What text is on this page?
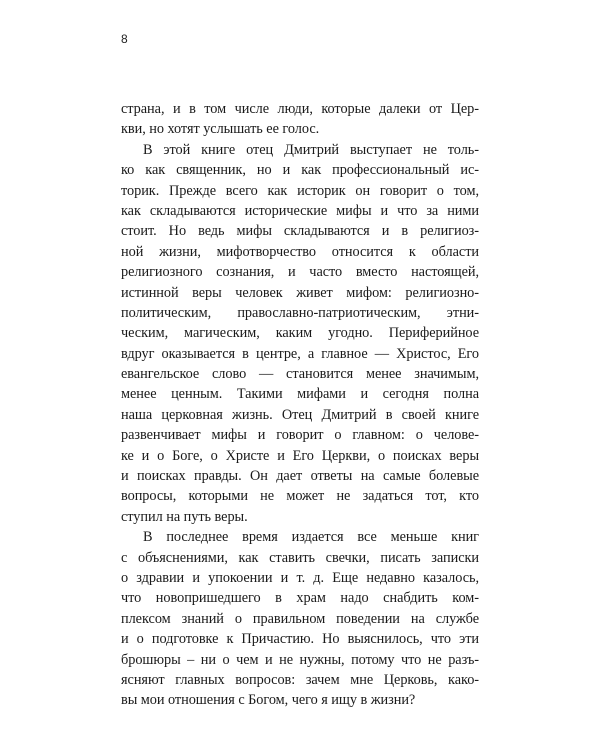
8
страна, и в том числе люди, которые далеки от Цер-
кви, но хотят услышать ее голос.
В этой книге отец Дмитрий выступает не толь-
ко как священник, но и как профессиональный ис-
торик. Прежде всего как историк он говорит о том,
как складываются исторические мифы и что за ними
стоит. Но ведь мифы складываются и в религиоз-
ной жизни, мифотворчество относится к области
религиозного сознания, и часто вместо настоящей,
истинной веры человек живет мифом: религиозно-
политическим, православно-патриотическим, этни-
ческим, магическим, каким угодно. Периферийное
вдруг оказывается в центре, а главное — Христос, Его
евангельское слово — становится менее значимым,
менее ценным. Такими мифами и сегодня полна
наша церковная жизнь. Отец Дмитрий в своей книге
развенчивает мифы и говорит о главном: о челове-
ке и о Боге, о Христе и Его Церкви, о поисках веры
и поисках правды. Он дает ответы на самые болевые
вопросы, которыми не может не задаться тот, кто
ступил на путь веры.
В последнее время издается все меньше книг
с объяснениями, как ставить свечки, писать записки
о здравии и упокоении и т. д. Еще недавно казалось,
что новопришедшего в храм надо снабдить ком-
плексом знаний о правильном поведении на службе
и о подготовке к Причастию. Но выяснилось, что эти
брошюры – ни о чем и не нужны, потому что не разъ-
ясняют главных вопросов: зачем мне Церковь, како-
вы мои отношения с Богом, чего я ищу в жизни?
